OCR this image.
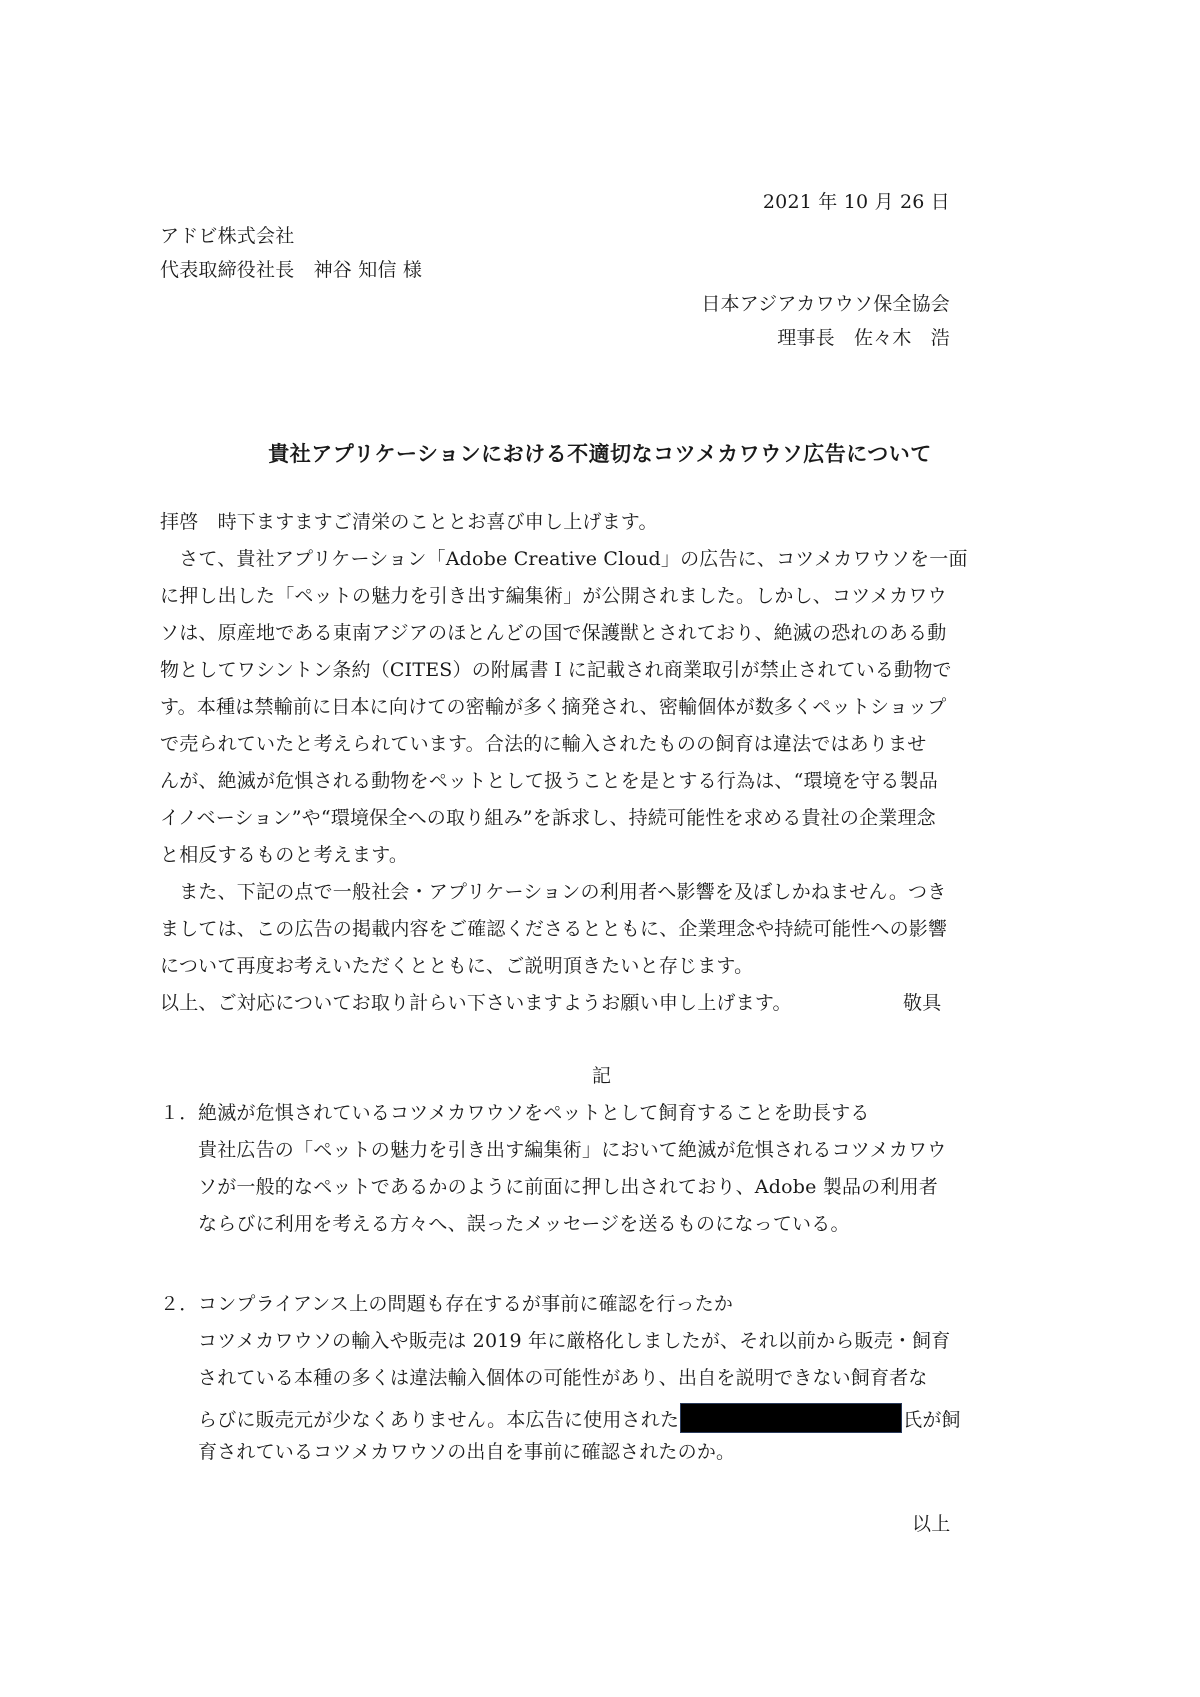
2021 年 10 月 26 日
アドビ株式会社
代表取締役社長　神谷 知信 様
日本アジアカワウソ保全協会
理事長　佐々木　浩
貴社アプリケーションにおける不適切なコツメカワウソ広告について
拝啓　時下ますますご清栄のこととお喜び申し上げます。
　さて、貴社アプリケーション「Adobe Creative Cloud」の広告に、コツメカワウソを一面
に押し出した「ペットの魅力を引き出す編集術」が公開されました。しかし、コツメカワウ
ソは、原産地である東南アジアのほとんどの国で保護獣とされており、絶滅の恐れのある動
物としてワシントン条約（CITES）の附属書Ｉに記載され商業取引が禁止されている動物で
す。本種は禁輸前に日本に向けての密輸が多く摘発され、密輸個体が数多くペットショップ
で売られていたと考えられています。合法的に輸入されたものの飼育は違法ではありませ
んが、絶滅が危惧される動物をペットとして扱うことを是とする行為は、“環境を守る製品
イノベーション”や“環境保全への取り組み”を訴求し、持続可能性を求める貴社の企業理念
と相反するものと考えます。
　また、下記の点で一般社会・アプリケーションの利用者へ影響を及ぼしかねません。つき
ましては、この広告の掲載内容をご確認くださるとともに、企業理念や持続可能性への影響
について再度お考えいただくとともに、ご説明頂きたいと存じます。
以上、ご対応についてお取り計らい下さいますようお願い申し上げます。	敬具
記
１． 絶滅が危惧されているコツメカワウソをペットとして飼育することを助長する
貴社広告の「ペットの魅力を引き出す編集術」において絶滅が危惧されるコツメカワウ
ソが一般的なペットであるかのように前面に押し出されており、Adobe 製品の利用者
ならびに利用を考える方々へ、誤ったメッセージを送るものになっている。
２． コンプライアンス上の問題も存在するが事前に確認を行ったか
コツメカワウソの輸入や販売は 2019 年に厳格化しましたが、それ以前から販売・飼育
されている本種の多くは違法輸入個体の可能性があり、出自を説明できない飼育者な
らびに販売元が少なくありません。本広告に使用された	氏が飼
育されているコツメカワウソの出自を事前に確認されたのか。
以上
